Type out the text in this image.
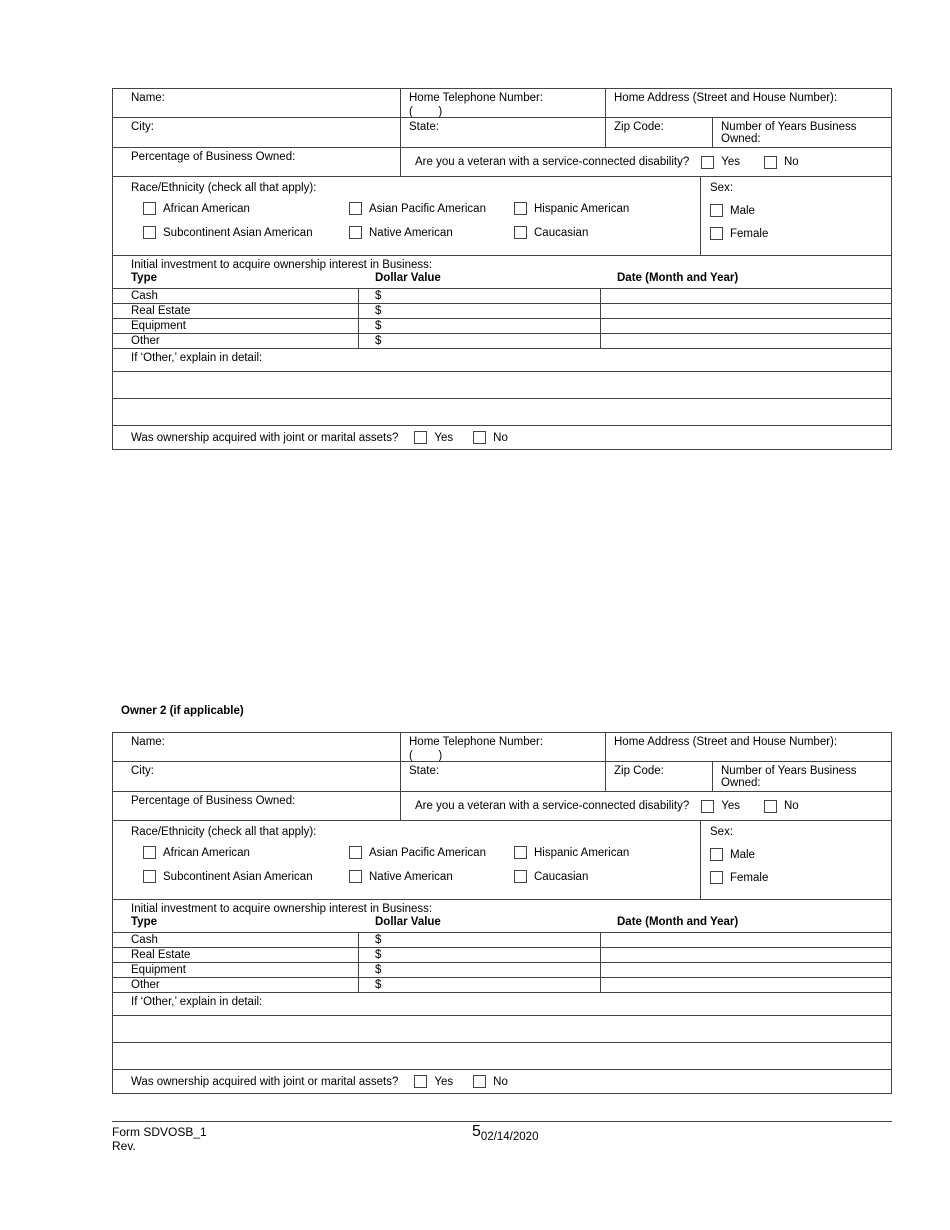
Name:	Home Telephone Number:
(        )
Home Address (Street and House Number):
City:	State:	Zip Code:	Number of Years Business Owned:
Percentage of Business Owned:	Are you a veteran with a service-connected disability?	Yes	No
Race/Ethnicity (check all that apply):
African American	Asian Pacific American	Hispanic American
Subcontinent Asian American	Native American	Caucasian
Sex:
Male
Female
Initial investment to acquire ownership interest in Business:
Type	Dollar Value	Date (Month and Year)
Cash	$
Real Estate	$
Equipment	$
Other	$
If ‘Other,’ explain in detail:
Was ownership acquired with joint or marital assets?	Yes	No
Owner 2 (if applicable)
Name:	Home Telephone Number:
(        )
Home Address (Street and House Number):
City:	State:	Zip Code:	Number of Years Business Owned:
Percentage of Business Owned:	Are you a veteran with a service-connected disability?	Yes	No
Race/Ethnicity (check all that apply):
African American	Asian Pacific American	Hispanic American
Subcontinent Asian American	Native American	Caucasian
Sex:
Male
Female
Initial investment to acquire ownership interest in Business:
Type	Dollar Value	Date (Month and Year)
Cash	$
Real Estate	$
Equipment	$
Other	$
If ‘Other,’ explain in detail:
Was ownership acquired with joint or marital assets?	Yes	No
Form SDVOSB_1
Rev.
5 02/14/2020
